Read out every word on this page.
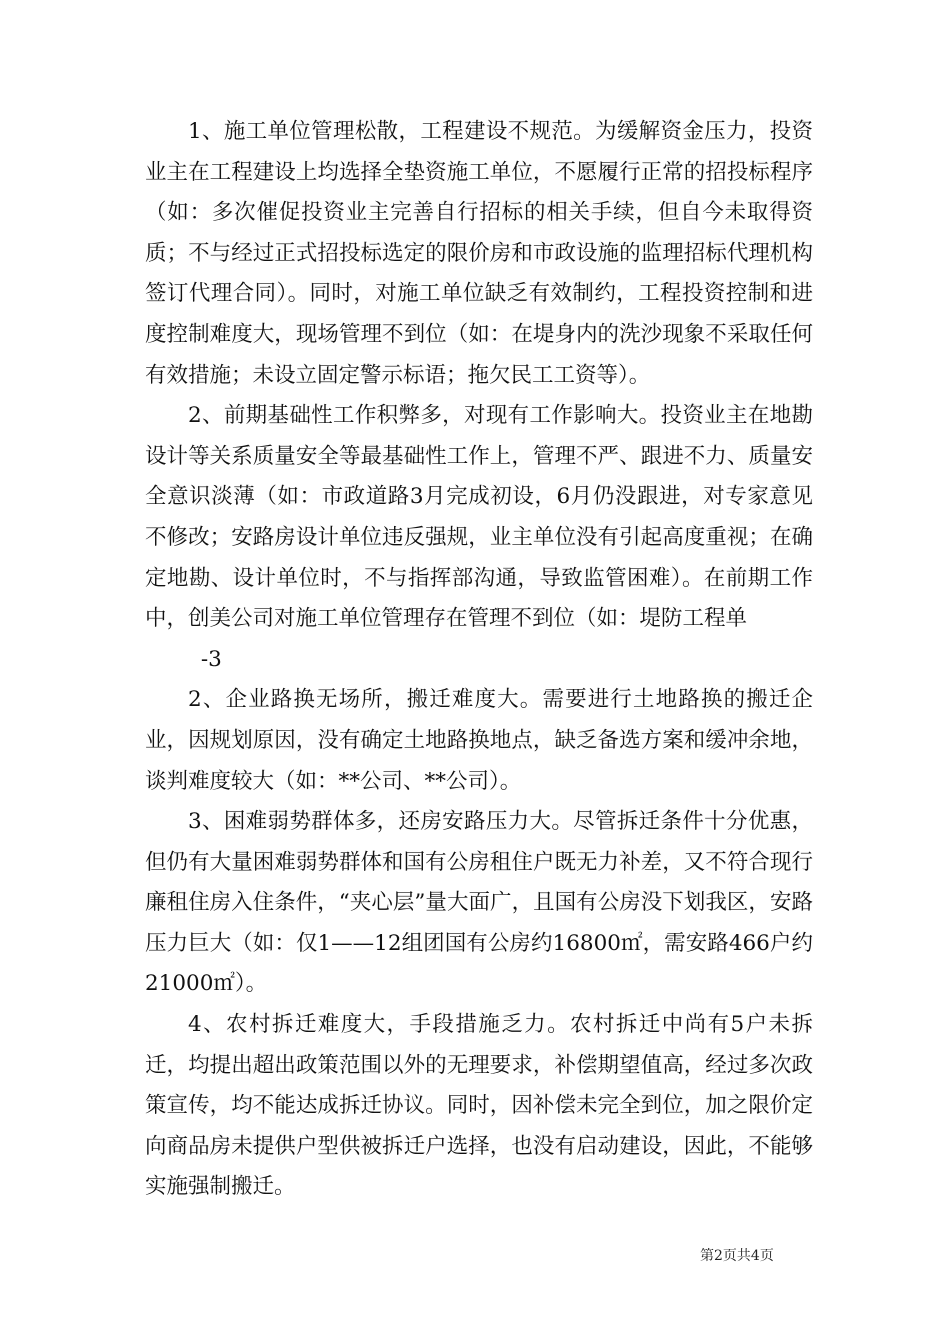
1、施工单位管理松散，工程建设不规范。为缓解资金压力，投资业主在工程建设上均选择全垫资施工单位，不愿履行正常的招投标程序（如：多次催促投资业主完善自行招标的相关手续，但自今未取得资质；不与经过正式招投标选定的限价房和市政设施的监理招标代理机构签订代理合同）。同时，对施工单位缺乏有效制约，工程投资控制和进度控制难度大，现场管理不到位（如：在堤身内的洗沙现象不采取任何有效措施；未设立固定警示标语；拖欠民工工资等）。

2、前期基础性工作积弊多，对现有工作影响大。投资业主在地勘设计等关系质量安全等最基础性工作上，管理不严、跟进不力、质量安全意识淡薄（如：市政道路3月完成初设，6月仍没跟进，对专家意见不修改；安路房设计单位违反强规，业主单位没有引起高度重视；在确定地勘、设计单位时，不与指挥部沟通，导致监管困难）。在前期工作中，创美公司对施工单位管理存在管理不到位（如：堤防工程单

-3

2、企业路换无场所，搬迁难度大。需要进行土地路换的搬迁企业，因规划原因，没有确定土地路换地点，缺乏备选方案和缓冲余地，谈判难度较大（如：**公司、**公司）。

3、困难弱势群体多，还房安路压力大。尽管拆迁条件十分优惠，但仍有大量困难弱势群体和国有公房租住户既无力补差，又不符合现行廉租住房入住条件，“夹心层”量大面广，且国有公房没下划我区，安路压力巨大（如：仅1——12组团国有公房约16800㎡，需安路466户约21000㎡）。

4、农村拆迁难度大，手段措施乏力。农村拆迁中尚有5户未拆迁，均提出超出政策范围以外的无理要求，补偿期望值高，经过多次政策宣传，均不能达成拆迁协议。同时，因补偿未完全到位，加之限价定向商品房未提供户型供被拆迁户选择，也没有启动建设，因此，不能够实施强制搬迁。

第2页共4页
